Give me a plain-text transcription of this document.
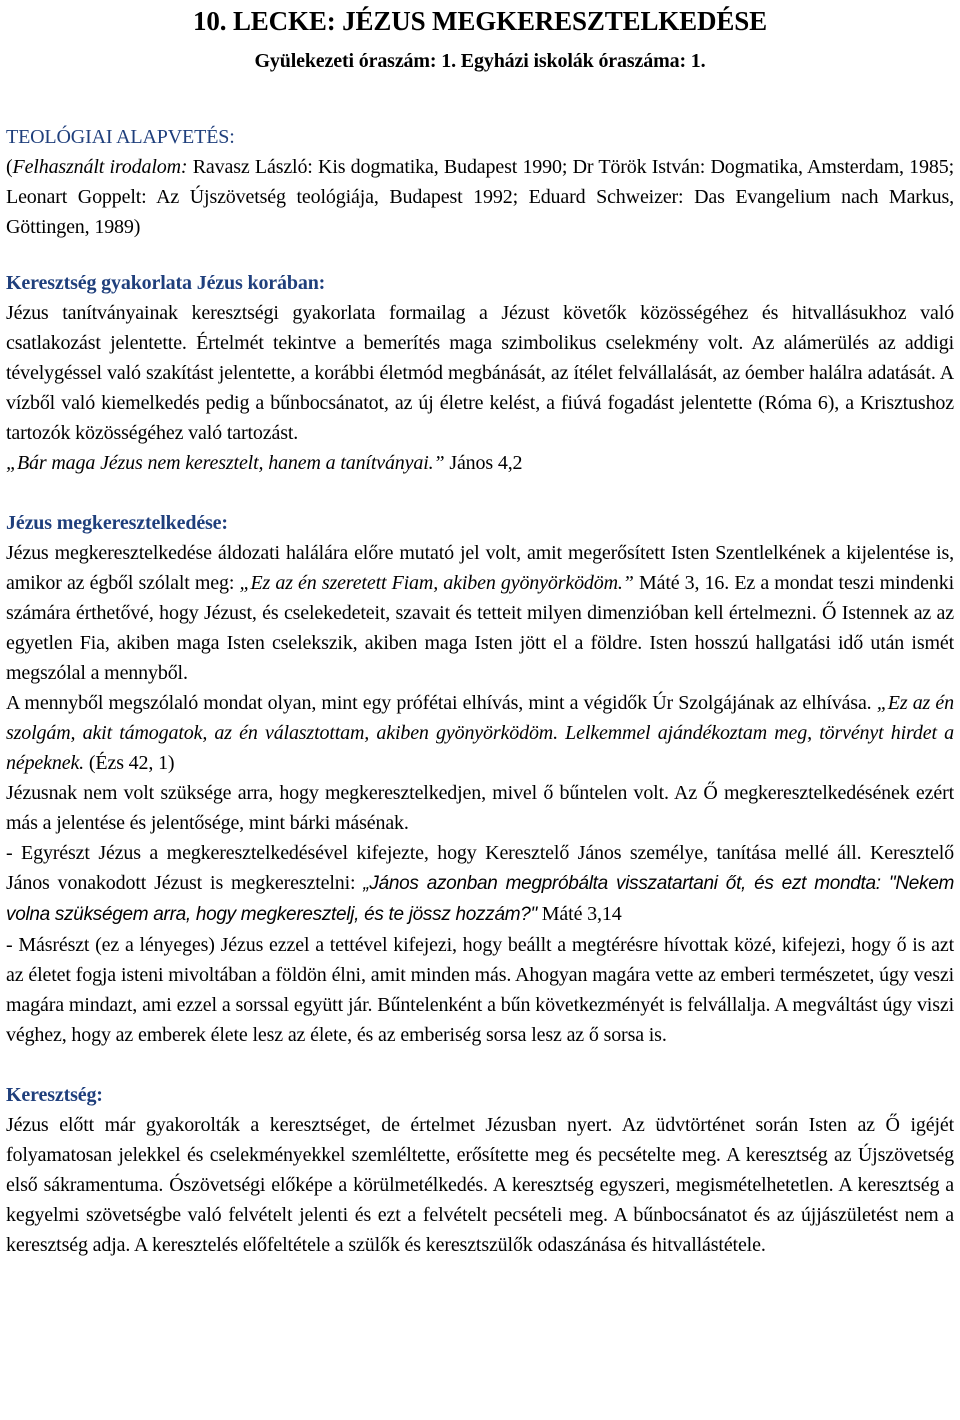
10. LECKE: JÉZUS MEGKERESZTELKEDÉSE

Gyülekezeti óraszám: 1. Egyházi iskolák óraszáma: 1.

TEOLÓGIAI ALAPVETÉS:

(Felhasznált irodalom: Ravasz László: Kis dogmatika, Budapest 1990; Dr Török István: Dogmatika, Amsterdam, 1985; Leonart Goppelt: Az Újszövetség teológiája, Budapest 1992; Eduard Schweizer: Das Evangelium nach Markus, Göttingen, 1989)

Keresztség gyakorlata Jézus korában:

Jézus tanítványainak keresztségi gyakorlata formailag a Jézust követők közösségéhez és hitvallásukhoz való csatlakozást jelentette. Értelmét tekintve a bemerítés maga szimbolikus cselekmény volt. Az alámerülés az addigi tévelygéssel való szakítást jelentette, a korábbi életmód megbánását, az ítélet felvállalását, az óember halálra adatását. A vízből való kiemelkedés pedig a bűnbocsánatot, az új életre kelést, a fiúvá fogadást jelentette (Róma 6), a Krisztushoz tartozók közösségéhez való tartozást.

„Bár maga Jézus nem keresztelt, hanem a tanítványai.” János 4,2

Jézus megkeresztelkedése:

Jézus megkeresztelkedése áldozati halálára előre mutató jel volt, amit megerősített Isten Szentlelkének a kijelentése is, amikor az égből szólalt meg: „Ez az én szeretett Fiam, akiben gyönyörködöm.” Máté 3, 16. Ez a mondat teszi mindenki számára érthetővé, hogy Jézust, és cselekedeteit, szavait és tetteit milyen dimenzióban kell értelmezni. Ő Istennek az az egyetlen Fia, akiben maga Isten cselekszik, akiben maga Isten jött el a földre. Isten hosszú hallgatási idő után ismét megszólal a mennyből.

A mennyből megszólaló mondat olyan, mint egy prófétai elhívás, mint a végidők Úr Szolgájának az elhívása. „Ez az én szolgám, akit támogatok, az én választottam, akiben gyönyörködöm. Lelkemmel ajándékoztam meg, törvényt hirdet a népeknek. (Ézs 42, 1)

Jézusnak nem volt szüksége arra, hogy megkeresztelkedjen, mivel ő bűntelen volt. Az Ő megkeresztelkedésének ezért más a jelentése és jelentősége, mint bárki másénak.

- Egyrészt Jézus a megkeresztelkedésével kifejezte, hogy Keresztelő János személye, tanítása mellé áll. Keresztelő János vonakodott Jézust is megkeresztelni: „János azonban megpróbálta visszatartani őt, és ezt mondta: "Nekem volna szükségem arra, hogy megkeresztelj, és te jössz hozzám?" Máté 3,14

- Másrészt (ez a lényeges) Jézus ezzel a tettével kifejezi, hogy beállt a megtérésre hívottak közé, kifejezi, hogy ő is azt az életet fogja isteni mivoltában a földön élni, amit minden más. Ahogyan magára vette az emberi természetet, úgy veszi magára mindazt, ami ezzel a sorssal együtt jár. Bűntelenként a bűn következményét is felvállalja. A megváltást úgy viszi véghez, hogy az emberek élete lesz az élete, és az emberiség sorsa lesz az ő sorsa is.

Keresztség:

Jézus előtt már gyakorolták a keresztséget, de értelmet Jézusban nyert. Az üdvtörténet során Isten az Ő igéjét folyamatosan jelekkel és cselekményekkel szemléltette, erősítette meg és pecsételte meg. A keresztség az Újszövetség első sákramentuma. Ószövetségi előképe a körülmetélkedés. A keresztség egyszeri, megismételhetetlen. A keresztség a kegyelmi szövetségbe való felvételt jelenti és ezt a felvételt pecsételi meg. A bűnbocsánatot és az újjászületést nem a keresztség adja. A keresztelés előfeltétele a szülők és keresztszülők odaszánása és hitvallástétele.
